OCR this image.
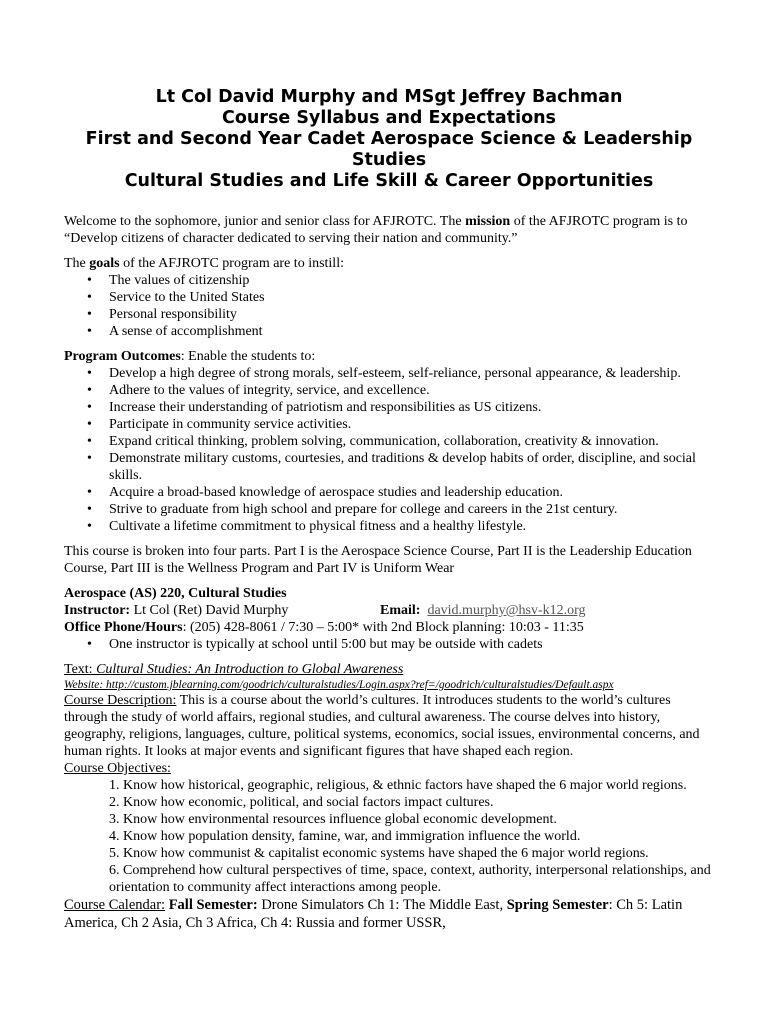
Lt Col David Murphy and MSgt Jeffrey Bachman
Course Syllabus and Expectations
First and Second Year Cadet Aerospace Science & Leadership Studies
Cultural Studies and Life Skill & Career Opportunities

Welcome to the sophomore, junior and senior class for AFJROTC. The mission of the AFJROTC program is to “Develop citizens of character dedicated to serving their nation and community.”

The goals of the AFJROTC program are to instill:

• The values of citizenship
• Service to the United States
• Personal responsibility
• A sense of accomplishment

Program Outcomes: Enable the students to:

• Develop a high degree of strong morals, self-esteem, self-reliance, personal appearance, & leadership.
• Adhere to the values of integrity, service, and excellence.
• Increase their understanding of patriotism and responsibilities as US citizens.
• Participate in community service activities.
• Expand critical thinking, problem solving, communication, collaboration, creativity & innovation.
• Demonstrate military customs, courtesies, and traditions & develop habits of order, discipline, and social skills.
• Acquire a broad-based knowledge of aerospace studies and leadership education.
• Strive to graduate from high school and prepare for college and careers in the 21st century.
• Cultivate a lifetime commitment to physical fitness and a healthy lifestyle.

This course is broken into four parts. Part I is the Aerospace Science Course, Part II is the Leadership Education Course, Part III is the Wellness Program and Part IV is Uniform Wear

Aerospace (AS) 220, Cultural Studies

Instructor: Lt Col (Ret) David Murphy	Email: david.murphy@hsv-k12.org

Office Phone/Hours: (205) 428-8061 / 7:30 – 5:00* with 2nd Block planning: 10:03 - 11:35

• One instructor is typically at school until 5:00 but may be outside with cadets

Text: Cultural Studies: An Introduction to Global Awareness

Website: http://custom.jblearning.com/goodrich/culturalstudies/Login.aspx?ref=/goodrich/culturalstudies/Default.aspx

Course Description: This is a course about the world’s cultures. It introduces students to the world’s cultures through the study of world affairs, regional studies, and cultural awareness. The course delves into history, geography, religions, languages, culture, political systems, economics, social issues, environmental concerns, and human rights. It looks at major events and significant figures that have shaped each region.

Course Objectives:

1. Know how historical, geographic, religious, & ethnic factors have shaped the 6 major world regions.
2. Know how economic, political, and social factors impact cultures.
3. Know how environmental resources influence global economic development.
4. Know how population density, famine, war, and immigration influence the world.
5. Know how communist & capitalist economic systems have shaped the 6 major world regions.
6. Comprehend how cultural perspectives of time, space, context, authority, interpersonal relationships, and orientation to community affect interactions among people.

Course Calendar: Fall Semester: Drone Simulators Ch 1: The Middle East, Spring Semester: Ch 5: Latin America, Ch 2 Asia, Ch 3 Africa, Ch 4: Russia and former USSR,
